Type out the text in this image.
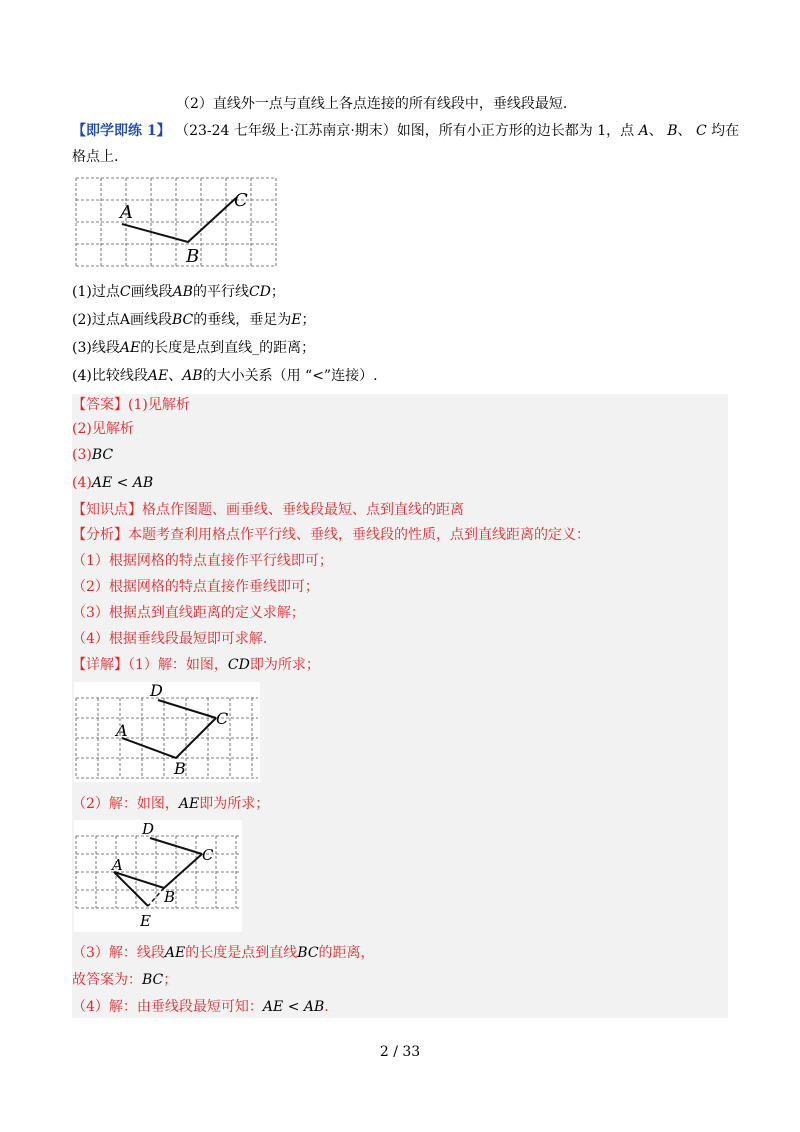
（2）直线外一点与直线上各点连接的所有线段中，垂线段最短.
【即学即练 1】 （23-24 七年级上·江苏南京·期末）如图，所有小正方形的边长都为 1，点 A、 B、 C 均在
格点上.
A
B
C
(1)过点C画线段AB的平行线CD；
(2)过点A画线段BC的垂线，垂足为E；
(3)线段AE的长度是点到直线_的距离；
(4)比较线段AE、AB的大小关系（用 “<”连接）.
【答案】(1)见解析
(2)见解析
(3)BC
(4)AE < AB
【知识点】格点作图题、画垂线、垂线段最短、点到直线的距离
【分析】本题考查利用格点作平行线、垂线，垂线段的性质，点到直线距离的定义：
（1）根据网格的特点直接作平行线即可；
（2）根据网格的特点直接作垂线即可；
（3）根据点到直线距离的定义求解；
（4）根据垂线段最短即可求解.
【详解】（1）解：如图，CD即为所求；
D
A
B
C
（2）解：如图，AE即为所求；
D
A
B
C
E
（3）解：线段AE的长度是点到直线BC的距离，
故答案为：BC；
（4）解：由垂线段最短可知：AE < AB.
2 / 33
